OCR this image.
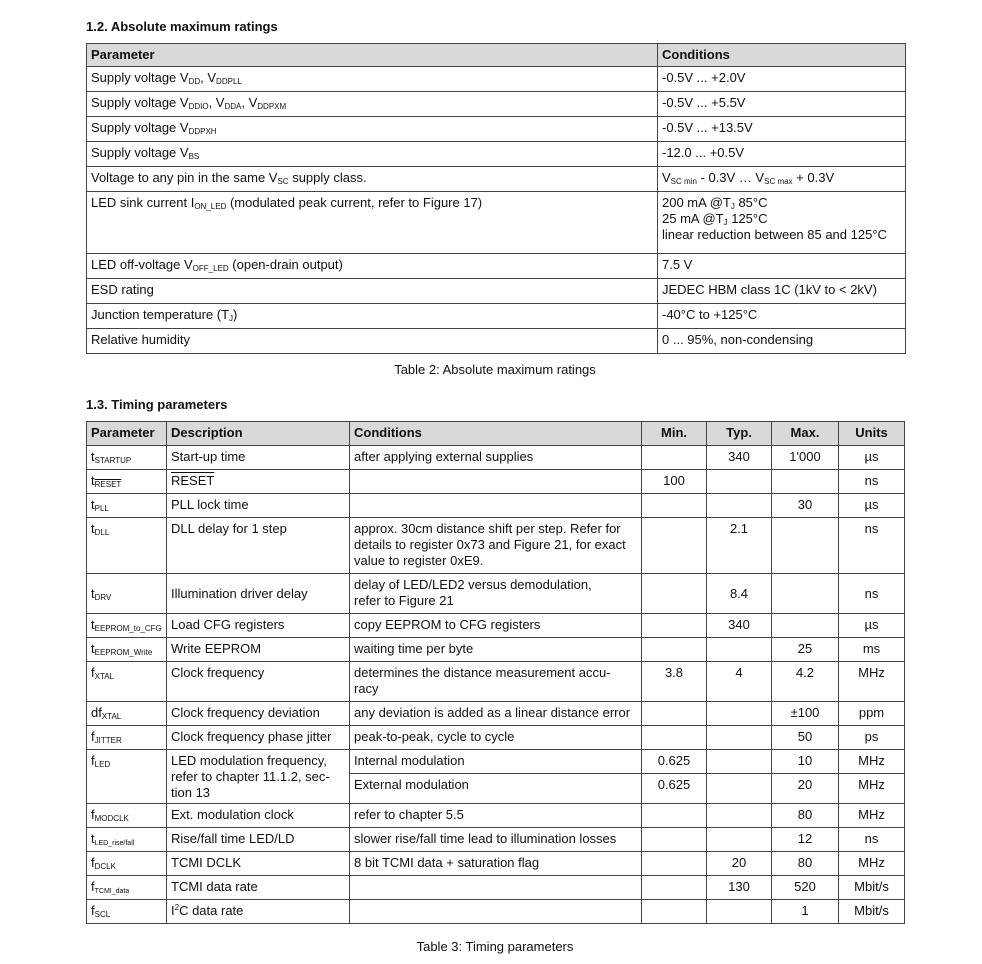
1.2. Absolute maximum ratings
Parameter	Conditions
Supply voltage $V_{DD}$, $V_{DDPLL}$	-0.5V ... +2.0V
Supply voltage $V_{DDIO}$, $V_{DDA}$, $V_{DDPXM}$	-0.5V ... +5.5V
Supply voltage $V_{DDPXH}$	-0.5V ... +13.5V
Supply voltage $V_{BS}$	-12.0 ... +0.5V
Voltage to any pin in the same $V_{SC}$ supply class.	$V_{SC min} - 0.3V$ … $V_{SC max} + 0.3V$
LED sink current $I_{ON\_LED}$ (modulated peak current, refer to Figure 17)	200 mA $@T_J$ 85°C
25 mA $@T_J$ 125°C
linear reduction between 85 and 125°C

LED off-voltage $V_{OFF\_LED}$ (open-drain output)	7.5 V
ESD rating	JEDEC HBM class 1C (1kV to < 2kV)
Junction temperature $(T_J)$	-40°C to +125°C
Relative humidity	0 ... 95%, non-condensing
Table 2: Absolute maximum ratings
1.3. Timing parameters
Parameter	Description	Conditions	Min.	Typ.	Max.	Units
$t_{STARTUP}$	Start-up time	after applying external supplies		340	1'000	µs
$t_{RESET}$	RESET		100			ns
$t_{PLL}$	PLL lock time				30	µs
$t_{DLL}$	DLL delay for 1 step	approx. 30cm distance shift per step. Refer for
details to register 0x73 and Figure 21, for exact
value to register 0xE9.		2.1		ns
$t_{DRV}$	Illumination driver delay	delay of LED/LED2 versus demodulation,
refer to Figure 21		8.4		ns
$t_{EEPROM\_to\_CFG}$	Load CFG registers	copy EEPROM to CFG registers		340		µs
$t_{EEPROM\_Write}$	Write EEPROM	waiting time per byte			25	ms
$f_{XTAL}$	Clock frequency	determines the distance measurement accu-
racy	3.8	4	4.2	MHz
$df_{XTAL}$	Clock frequency deviation	any deviation is added as a linear distance error			±100	ppm
$f_{JITTER}$	Clock frequency phase jitter	peak-to-peak, cycle to cycle			50	ps
$f_{LED}$	LED modulation frequency,
refer to chapter 11.1.2, sec-
tion 13	Internal modulation	0.625		10	MHz
		External modulation	0.625		20	MHz
$f_{MODCLK}$	Ext. modulation clock	refer to chapter 5.5			80	MHz
$t_{LED\_rise/fall}$	Rise/fall time LED/LD	slower rise/fall time lead to illumination losses			12	ns
$f_{DCLK}$	TCMI DCLK	8 bit TCMI data + saturation flag		20	80	MHz
$f_{TCMI\_data}$	TCMI data rate			130	520	Mbit/s
$f_{SCL}$	$I^2C$ data rate				1	Mbit/s
Table 3: Timing parameters
